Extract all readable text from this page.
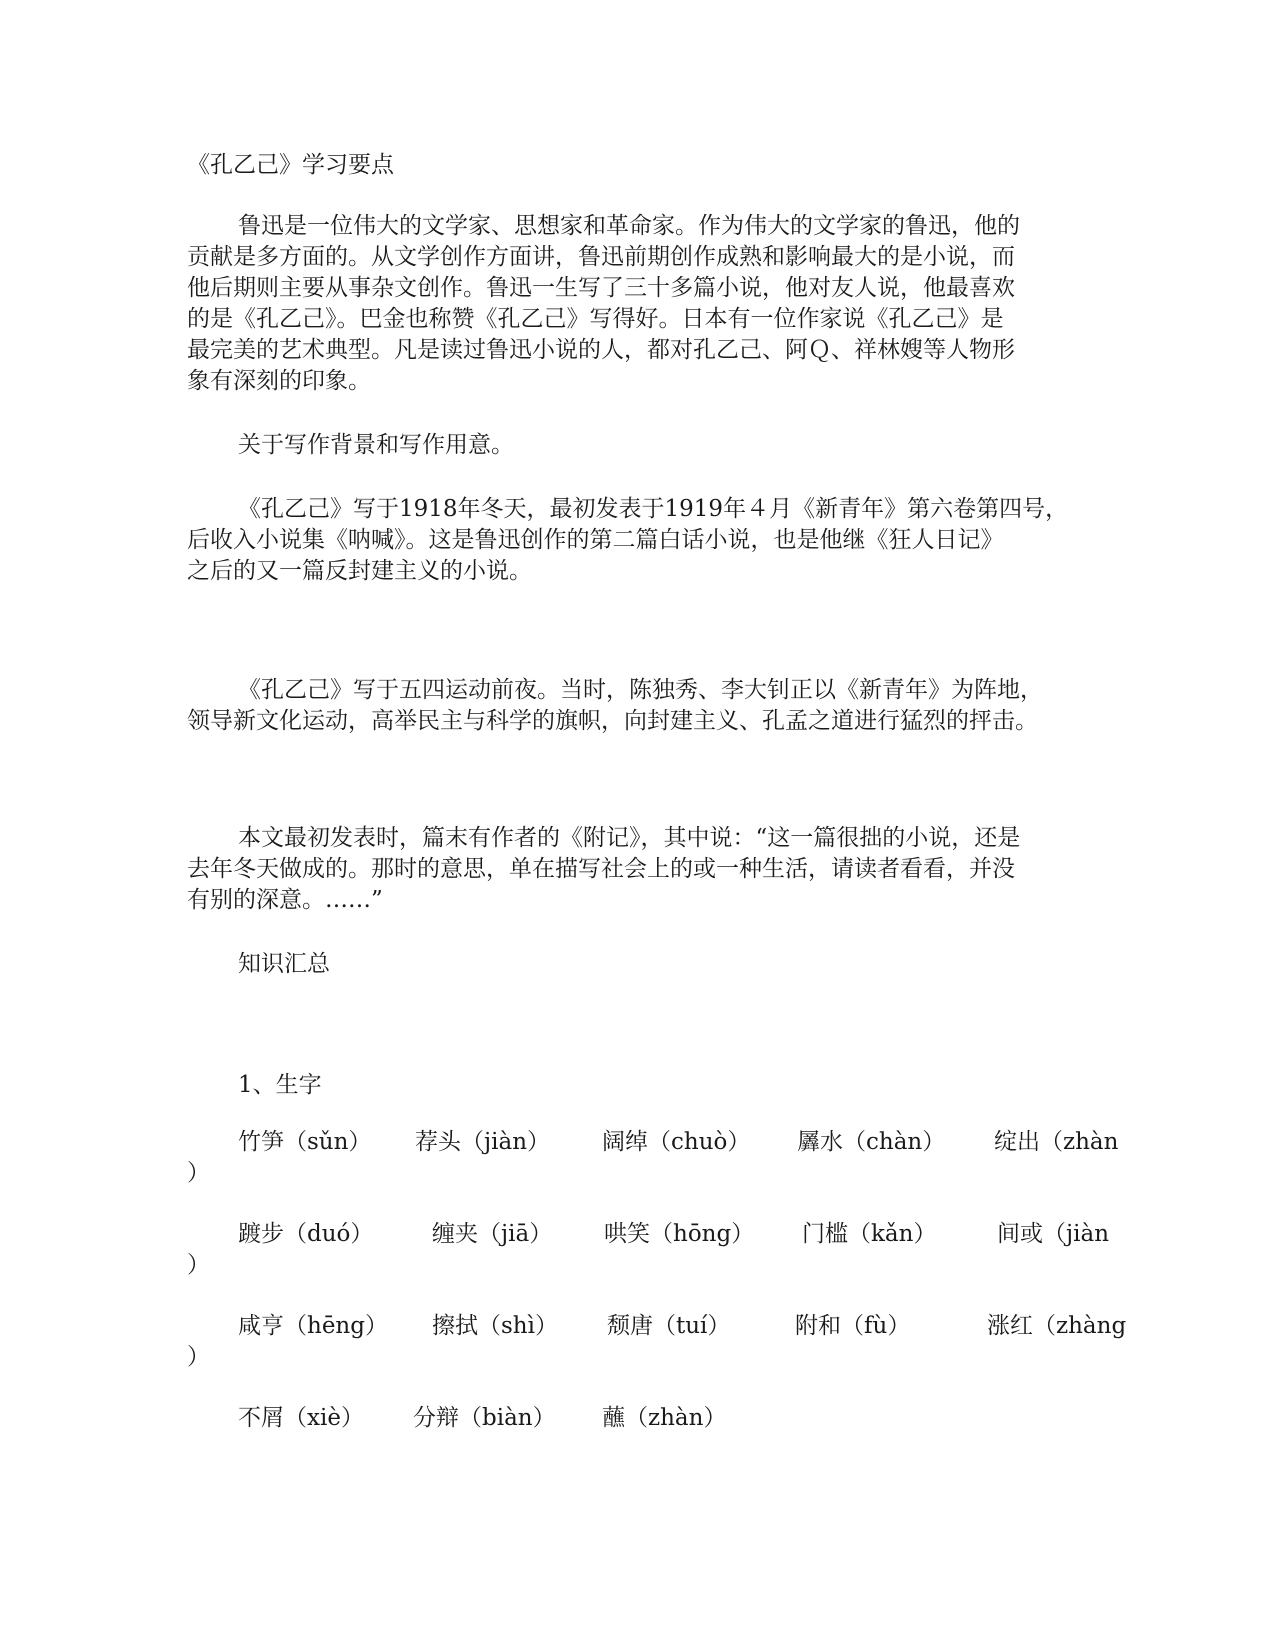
《孔乙己》学习要点
鲁迅是一位伟大的文学家、思想家和革命家。作为伟大的文学家的鲁迅，他的
贡献是多方面的。从文学创作方面讲，鲁迅前期创作成熟和影响最大的是小说，而
他后期则主要从事杂文创作。鲁迅一生写了三十多篇小说，他对友人说，他最喜欢
的是《孔乙己》。巴金也称赞《孔乙己》写得好。日本有一位作家说《孔乙己》是
最完美的艺术典型。凡是读过鲁迅小说的人，都对孔乙己、阿Ｑ、祥林嫂等人物形
象有深刻的印象。
关于写作背景和写作用意。
《孔乙己》写于1918年冬天，最初发表于1919年４月《新青年》第六卷第四号，
后收入小说集《呐喊》。这是鲁迅创作的第二篇白话小说，也是他继《狂人日记》
之后的又一篇反封建主义的小说。
《孔乙己》写于五四运动前夜。当时，陈独秀、李大钊正以《新青年》为阵地，
领导新文化运动，高举民主与科学的旗帜，向封建主义、孔孟之道进行猛烈的抨击。
本文最初发表时，篇末有作者的《附记》，其中说：“这一篇很拙的小说，还是
去年冬天做成的。那时的意思，单在描写社会上的或一种生活，请读者看看，并没
有别的深意。……”
知识汇总
1、生字
竹笋（sǔn） 荐头（jiàn） 阔绰（chuò） 羼水（chàn） 绽出（zhàn
）
踱步（duó）	缠夹（jiā） 哄笑（hōng） 门槛（kǎn）	间或（jiàn
）
咸亨（hēng） 擦拭（shì） 颓唐（tuí）	附和（fù）	涨红（zhàng
）
不屑（xiè） 分辩（biàn） 蘸（zhàn）
